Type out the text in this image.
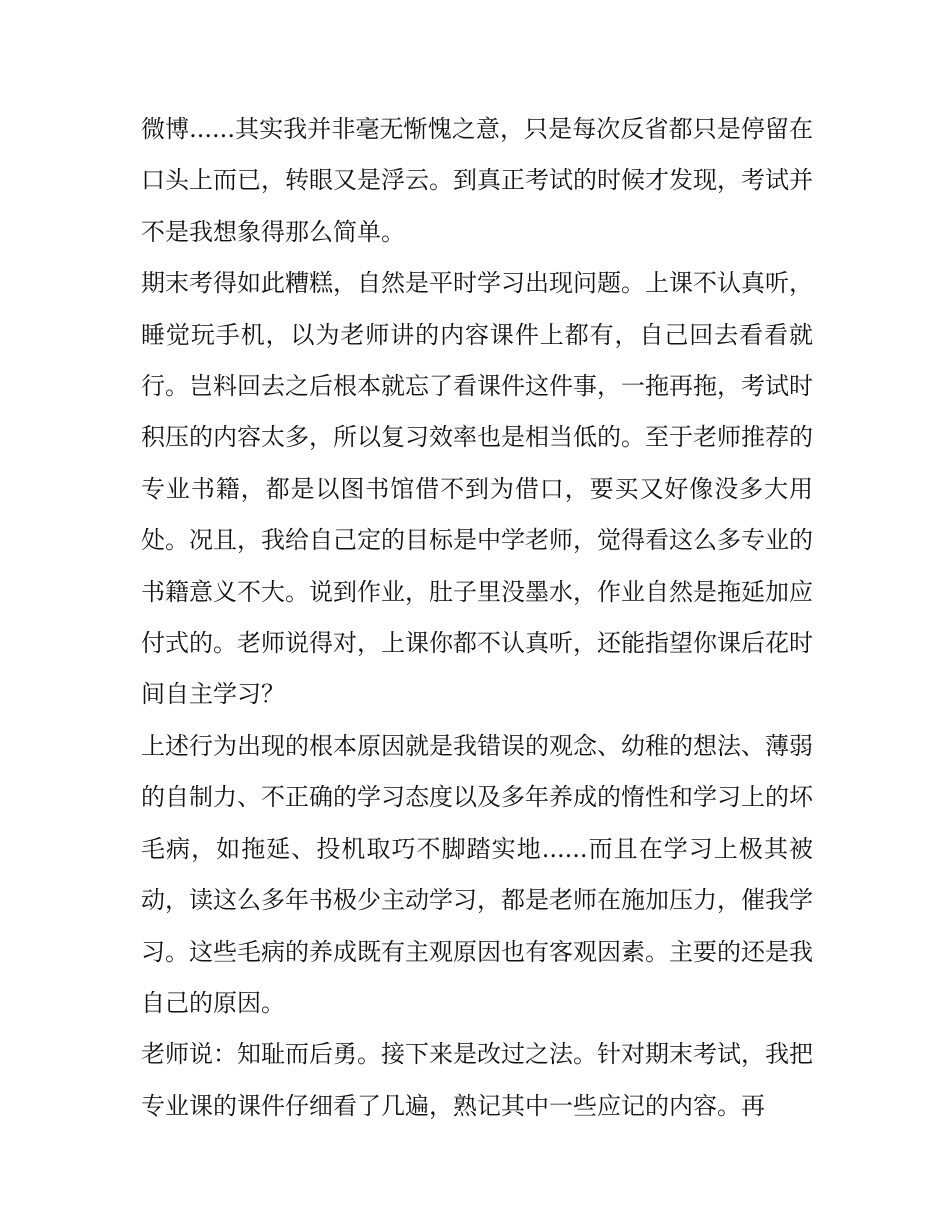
微博......其实我并非毫无惭愧之意，只是每次反省都只是停留在口头上而已，转眼又是浮云。到真正考试的时候才发现，考试并不是我想象得那么简单。

期末考得如此糟糕，自然是平时学习出现问题。上课不认真听，睡觉玩手机，以为老师讲的内容课件上都有，自己回去看看就行。岂料回去之后根本就忘了看课件这件事，一拖再拖，考试时积压的内容太多，所以复习效率也是相当低的。至于老师推荐的专业书籍，都是以图书馆借不到为借口，要买又好像没多大用处。况且，我给自己定的目标是中学老师，觉得看这么多专业的书籍意义不大。说到作业，肚子里没墨水，作业自然是拖延加应付式的。老师说得对，上课你都不认真听，还能指望你课后花时间自主学习？

上述行为出现的根本原因就是我错误的观念、幼稚的想法、薄弱的自制力、不正确的学习态度以及多年养成的惰性和学习上的坏毛病，如拖延、投机取巧不脚踏实地......而且在学习上极其被动，读这么多年书极少主动学习，都是老师在施加压力，催我学习。这些毛病的养成既有主观原因也有客观因素。主要的还是我自己的原因。

老师说：知耻而后勇。接下来是改过之法。针对期末考试，我把专业课的课件仔细看了几遍，熟记其中一些应记的内容。再
